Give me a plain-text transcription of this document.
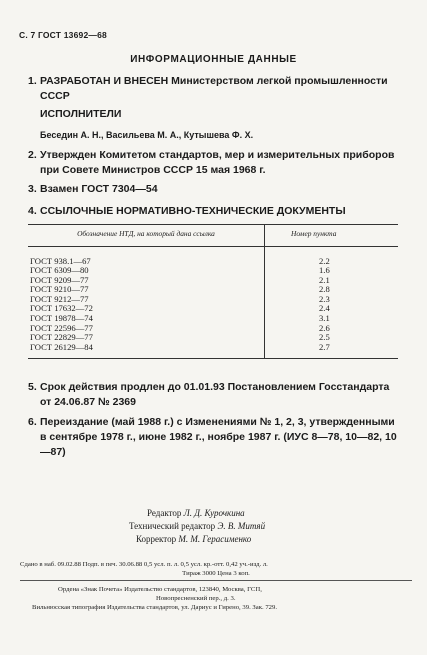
С. 7 ГОСТ 13692—68
ИНФОРМАЦИОННЫЕ ДАННЫЕ
1. РАЗРАБОТАН И ВНЕСЕН Министерством легкой промышленности СССР
ИСПОЛНИТЕЛИ
Беседин А. Н., Васильева М. А., Кутышева Ф. Х.
2. Утвержден Комитетом стандартов, мер и измерительных приборов при Совете Министров СССР 15 мая 1968 г.
3. Взамен ГОСТ 7304—54
4. ССЫЛОЧНЫЕ НОРМАТИВНО-ТЕХНИЧЕСКИЕ ДОКУМЕНТЫ
Обозначение НТД, на который дана ссылка	Номер пункта
ГОСТ 938.1—67	2.2
ГОСТ 6309—80	1.6
ГОСТ 9209—77	2.1
ГОСТ 9210—77	2.8
ГОСТ 9212—77	2.3
ГОСТ 17632—72	2.4
ГОСТ 19878—74	3.1
ГОСТ 22596—77	2.6
ГОСТ 22829—77	2.5
ГОСТ 26129—84	2.7
5. Срок действия продлен до 01.01.93 Постановлением Госстандарта от 24.06.87 № 2369
6. Переиздание (май 1988 г.) с Изменениями № 1, 2, 3, утвержденными в сентябре 1978 г., июне 1982 г., ноябре 1987 г. (ИУС 8—78, 10—82, 10—87)
Редактор Л. Д. Курочкина
Технический редактор Э. В. Митяй
Корректор М. М. Герасименко
Сдано в наб. 09.02.88 Подп. в печ. 30.06.88 0,5 усл. п. л. 0,5 усл. кр.-отт. 0,42 уч.-изд. л.
Тираж 3000 Цена 3 коп.
Ордена «Знак Почета» Издательство стандартов, 123840, Москва, ГСП,
Новопресненский пер., д. 3.
Вильнюсская типография Издательства стандартов, ул. Дариус и Гирено, 39. Зак. 729.
